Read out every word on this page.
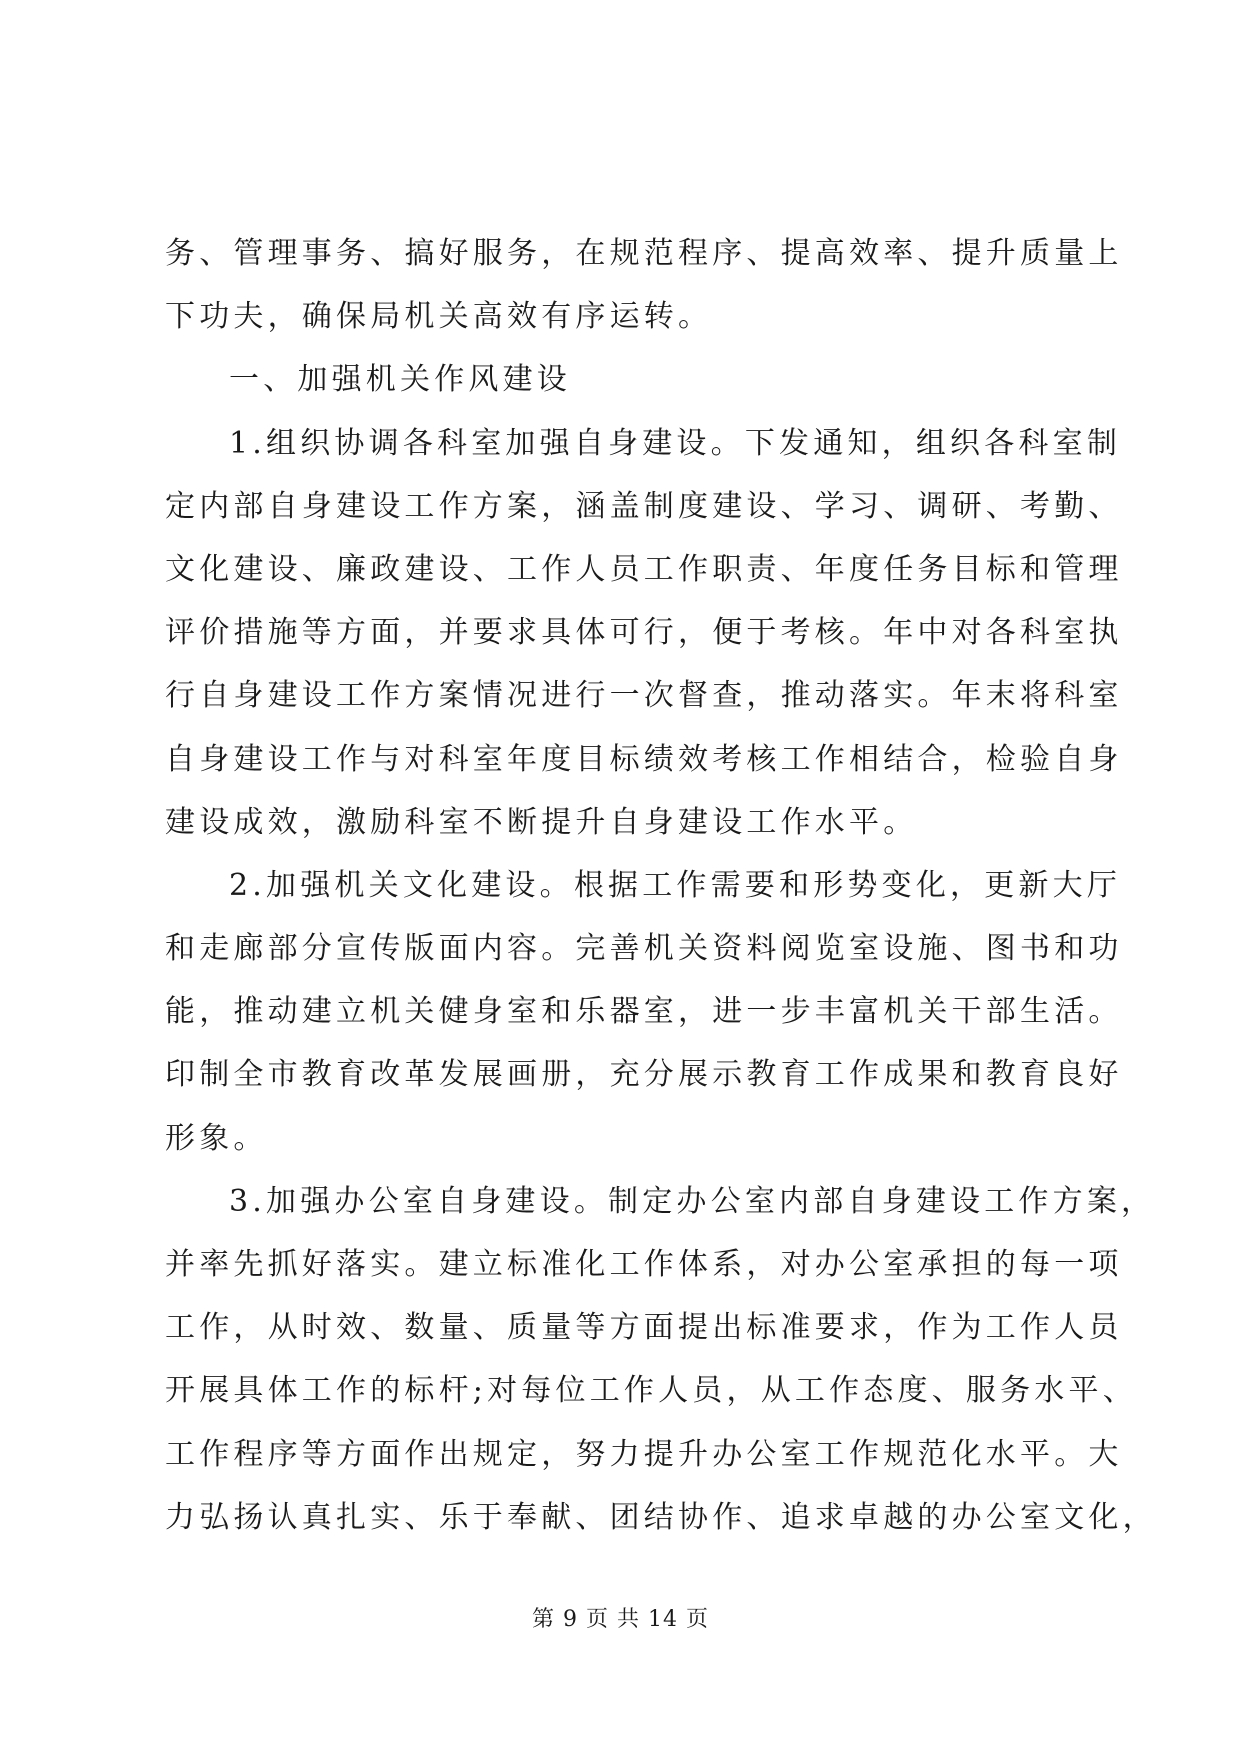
务、管理事务、搞好服务，在规范程序、提高效率、提升质量上
下功夫，确保局机关高效有序运转。
一、加强机关作风建设
1.组织协调各科室加强自身建设。下发通知，组织各科室制
定内部自身建设工作方案，涵盖制度建设、学习、调研、考勤、
文化建设、廉政建设、工作人员工作职责、年度任务目标和管理
评价措施等方面，并要求具体可行，便于考核。年中对各科室执
行自身建设工作方案情况进行一次督查，推动落实。年末将科室
自身建设工作与对科室年度目标绩效考核工作相结合，检验自身
建设成效，激励科室不断提升自身建设工作水平。
2.加强机关文化建设。根据工作需要和形势变化，更新大厅
和走廊部分宣传版面内容。完善机关资料阅览室设施、图书和功
能，推动建立机关健身室和乐器室，进一步丰富机关干部生活。
印制全市教育改革发展画册，充分展示教育工作成果和教育良好
形象。
3.加强办公室自身建设。制定办公室内部自身建设工作方案，
并率先抓好落实。建立标准化工作体系，对办公室承担的每一项
工作，从时效、数量、质量等方面提出标准要求，作为工作人员
开展具体工作的标杆;对每位工作人员，从工作态度、服务水平、
工作程序等方面作出规定，努力提升办公室工作规范化水平。大
力弘扬认真扎实、乐于奉献、团结协作、追求卓越的办公室文化，
第 9 页 共 14 页
